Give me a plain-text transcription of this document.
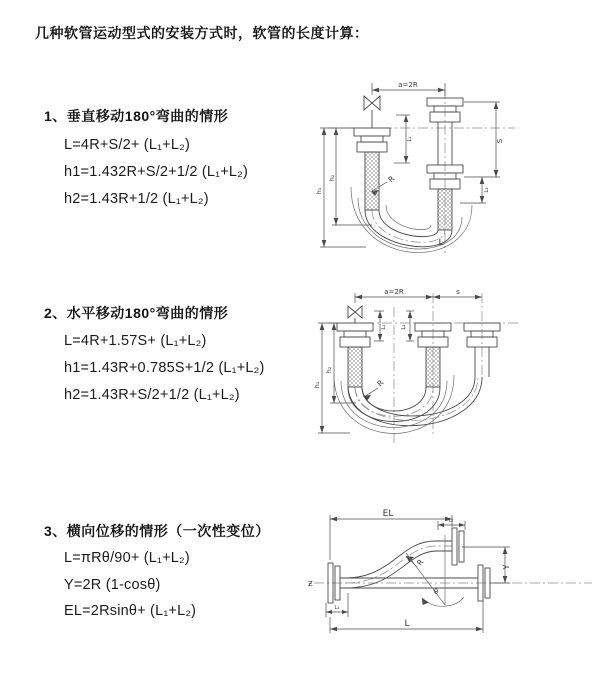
几种软管运动型式的安装方式时，软管的长度计算：
1、垂直移动180°弯曲的情形
L=4R+S/2+ (L₁+L₂)
h1=1.432R+S/2+1/2 (L₁+L₂)
h2=1.43R+1/2 (L₁+L₂)
2、水平移动180°弯曲的情形
L=4R+1.57S+ (L₁+L₂)
h1=1.43R+0.785S+1/2 (L₁+L₂)
h2=1.43R+S/2+1/2 (L₁+L₂)
3、横向位移的情形（一次性变位）
L=πRθ/90+ (L₁+L₂)
Y=2R (1-cosθ)
EL=2Rsinθ+ (L₁+L₂)
a=2R
S
L₂
L₁
h₁
h₂	R
L
a=2R	s
h₁
h₂
L₁	L₂
R
EL
L₂
Y
L₁
L
R
θ
Ƶ
